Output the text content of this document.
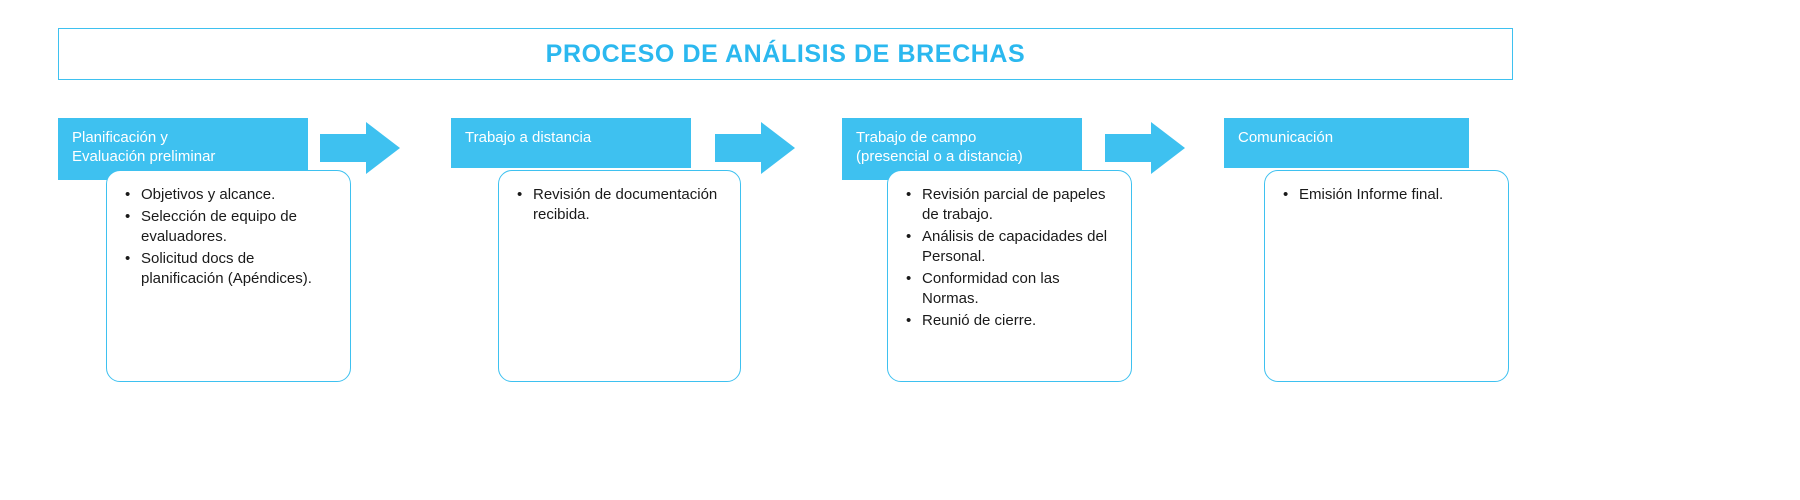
PROCESO DE ANÁLISIS DE BRECHAS
Planificación y
Evaluación preliminar
• Objetivos y alcance.
• Selección de equipo de evaluadores.
• Solicitud docs de planificación (Apéndices).
Trabajo a distancia
• Revisión de documentación recibida.
Trabajo de campo
(presencial o a distancia)
• Revisión parcial de papeles de trabajo.
• Análisis de capacidades del Personal.
• Conformidad con las Normas.
• Reunió de cierre.
Comunicación
• Emisión Informe final.
